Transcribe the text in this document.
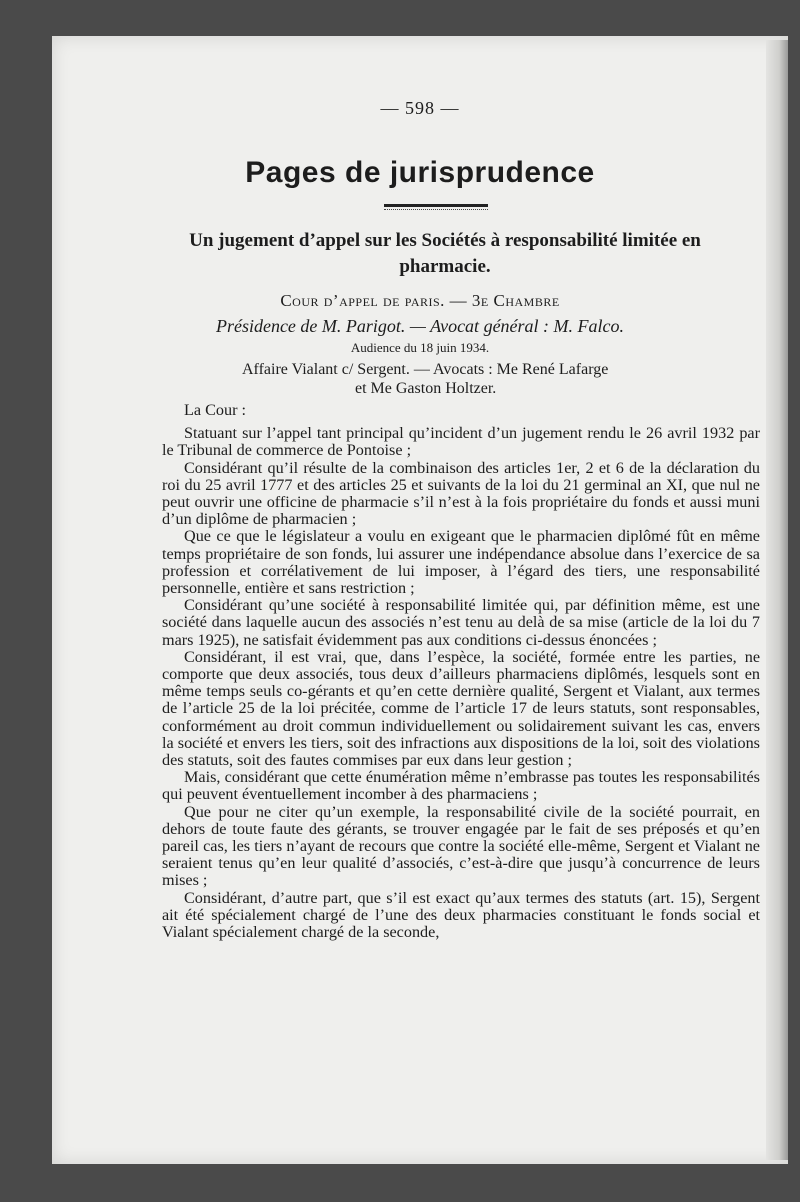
— 598 —
Pages de jurisprudence
Un jugement d’appel sur les Sociétés à responsabilité limitée en pharmacie.
Cour d’appel de paris. — 3e Chambre
Présidence de M. Parigot. — Avocat général : M. Falco.
Audience du 18 juin 1934.
Affaire Vialant c/ Sergent. — Avocats : Me René Lafarge
et Me Gaston Holtzer.

La Cour :

Statuant sur l’appel tant principal qu’incident d’un jugement rendu le 26 avril 1932 par le Tribunal de commerce de Pontoise ;

Considérant qu’il résulte de la combinaison des articles 1er, 2 et 6 de la déclaration du roi du 25 avril 1777 et des articles 25 et suivants de la loi du 21 germinal an XI, que nul ne peut ouvrir une officine de pharmacie s’il n’est à la fois propriétaire du fonds et aussi muni d’un diplôme de pharmacien ;

Que ce que le législateur a voulu en exigeant que le pharmacien diplômé fût en même temps propriétaire de son fonds, lui assurer une indépendance absolue dans l’exercice de sa profession et corrélativement de lui imposer, à l’égard des tiers, une responsabilité personnelle, entière et sans restriction ;

Considérant qu’une société à responsabilité limitée qui, par définition même, est une société dans laquelle aucun des associés n’est tenu au delà de sa mise (article de la loi du 7 mars 1925), ne satisfait évidemment pas aux conditions ci-dessus énoncées ;

Considérant, il est vrai, que, dans l’espèce, la société, formée entre les parties, ne comporte que deux associés, tous deux d’ailleurs pharmaciens diplômés, lesquels sont en même temps seuls co-gérants et qu’en cette dernière qualité, Sergent et Vialant, aux termes de l’article 25 de la loi précitée, comme de l’article 17 de leurs statuts, sont responsables, conformément au droit commun individuellement ou solidairement suivant les cas, envers la société et envers les tiers, soit des infractions aux dispositions de la loi, soit des violations des statuts, soit des fautes commises par eux dans leur gestion ;

Mais, considérant que cette énumération même n’embrasse pas toutes les responsabilités qui peuvent éventuellement incomber à des pharmaciens ;

Que pour ne citer qu’un exemple, la responsabilité civile de la société pourrait, en dehors de toute faute des gérants, se trouver engagée par le fait de ses préposés et qu’en pareil cas, les tiers n’ayant de recours que contre la société elle-même, Sergent et Vialant ne seraient tenus qu’en leur qualité d’associés, c’est-à-dire que jusqu’à concurrence de leurs mises ;

Considérant, d’autre part, que s’il est exact qu’aux termes des statuts (art. 15), Sergent ait été spécialement chargé de l’une des deux pharmacies constituant le fonds social et Vialant spécialement chargé de la seconde,
